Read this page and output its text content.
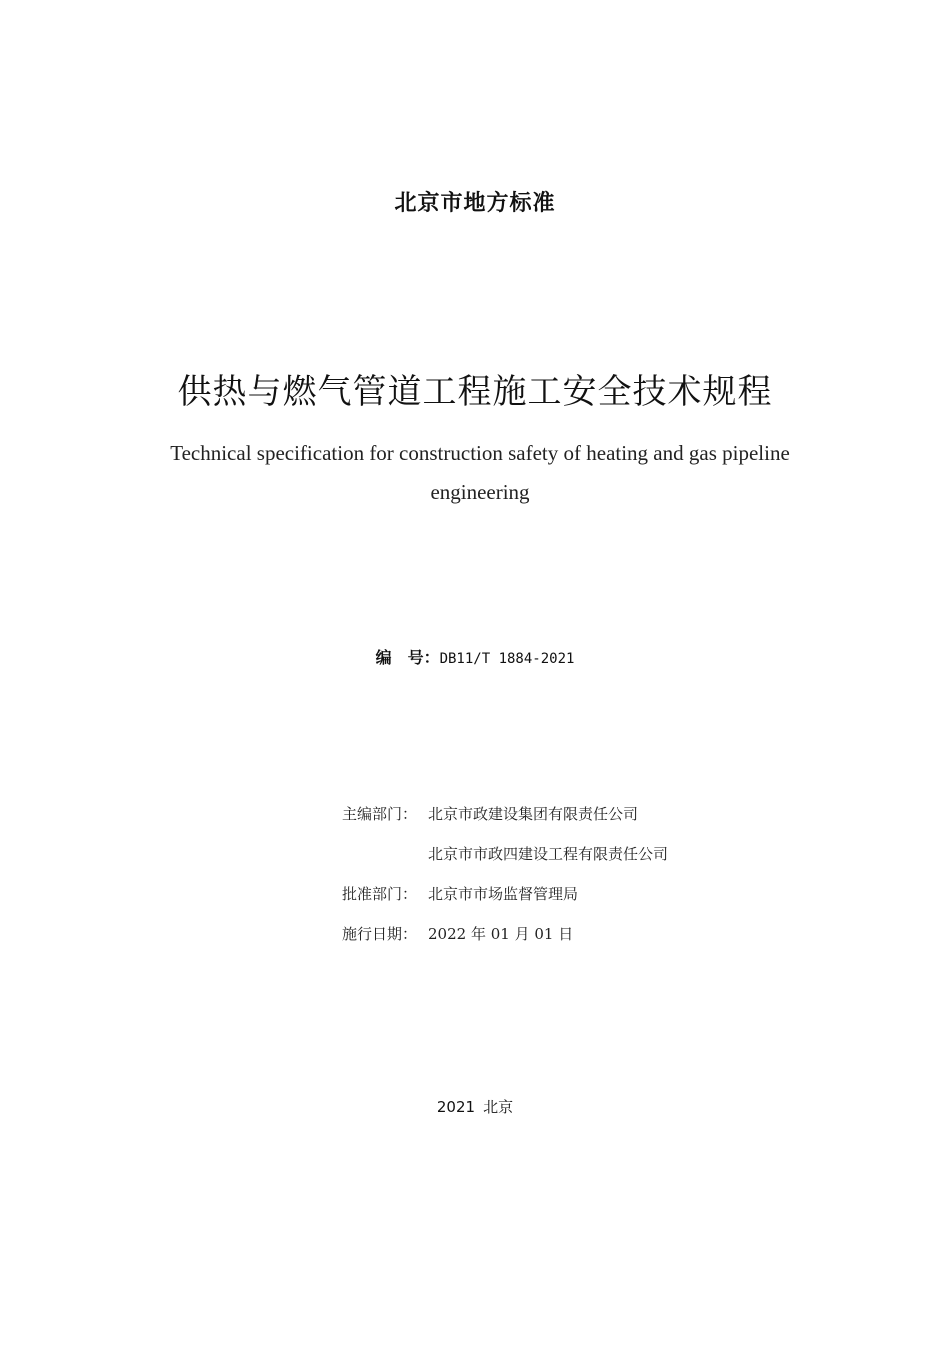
北京市地方标准
供热与燃气管道工程施工安全技术规程
Technical specification for construction safety of heating and gas pipeline engineering
编　号：DB11/T 1884-2021
主编部门： 北京市政建设集团有限责任公司
北京市市政四建设工程有限责任公司
批准部门： 北京市市场监督管理局
施行日期： 2022 年 01 月 01 日
2021 北京
